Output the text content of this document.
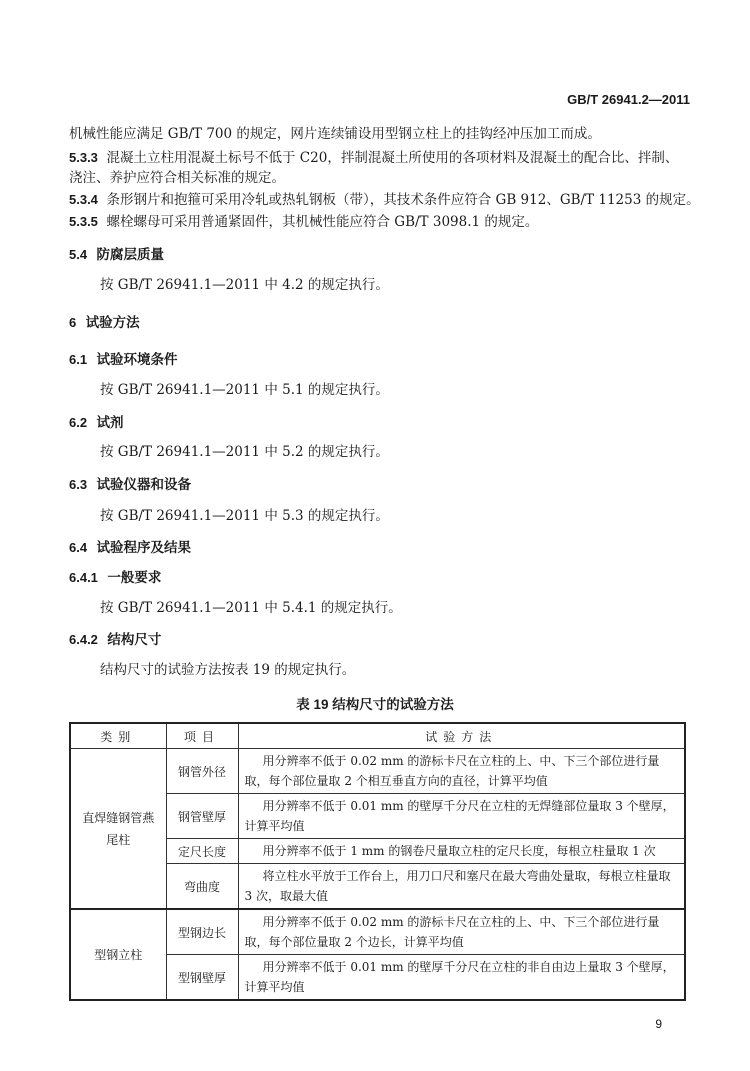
GB/T 26941.2—2011
机械性能应满足 GB/T 700 的规定，网片连续铺设用型钢立柱上的挂钩经冲压加工而成。
5.3.3 混凝土立柱用混凝土标号不低于 C20，拌制混凝土所使用的各项材料及混凝土的配合比、拌制、
浇注、养护应符合相关标准的规定。
5.3.4 条形钢片和抱箍可采用冷轧或热轧钢板（带），其技术条件应符合 GB 912、GB/T 11253 的规定。
5.3.5 螺栓螺母可采用普通紧固件，其机械性能应符合 GB/T 3098.1 的规定。
5.4 防腐层质量
按 GB/T 26941.1—2011 中 4.2 的规定执行。
6 试验方法
6.1 试验环境条件
按 GB/T 26941.1—2011 中 5.1 的规定执行。
6.2 试剂
按 GB/T 26941.1—2011 中 5.2 的规定执行。
6.3 试验仪器和设备
按 GB/T 26941.1—2011 中 5.3 的规定执行。
6.4 试验程序及结果
6.4.1 一般要求
按 GB/T 26941.1—2011 中 5.4.1 的规定执行。
6.4.2 结构尺寸
结构尺寸的试验方法按表 19 的规定执行。
表 19 结构尺寸的试验方法
类别	项目	试验方法
直焊缝钢管燕尾柱	钢管外径	用分辨率不低于 0.02 mm 的游标卡尺在立柱的上、中、下三个部位进行量取，每个部位量取 2 个相互垂直方向的直径，计算平均值
	钢管壁厚	用分辨率不低于 0.01 mm 的壁厚千分尺在立柱的无焊缝部位量取 3 个壁厚，计算平均值
	定尺长度	用分辨率不低于 1 mm 的钢卷尺量取立柱的定尺长度，每根立柱量取 1 次
	弯曲度	将立柱水平放于工作台上，用刀口尺和塞尺在最大弯曲处量取，每根立柱量取 3 次，取最大值
型钢立柱	型钢边长	用分辨率不低于 0.02 mm 的游标卡尺在立柱的上、中、下三个部位进行量取，每个部位量取 2 个边长，计算平均值
	型钢壁厚	用分辨率不低于 0.01 mm 的壁厚千分尺在立柱的非自由边上量取 3 个壁厚，计算平均值
9
